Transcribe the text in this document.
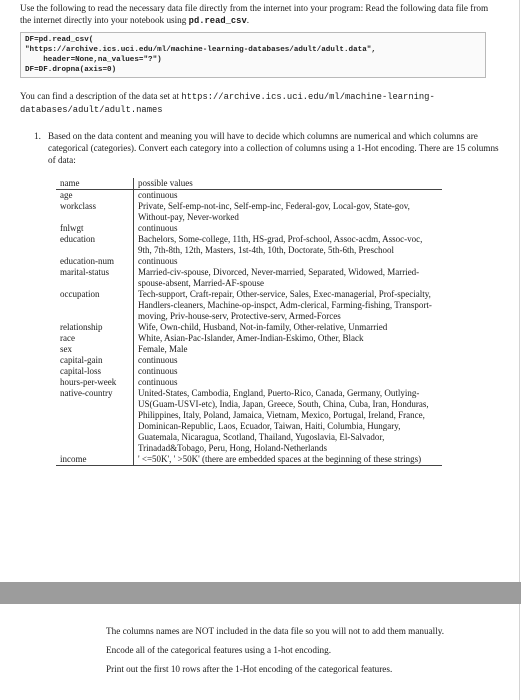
Use the following to read the necessary data file directly from the internet into your program: Read the following data file from the internet directly into your notebook using pd.read_csv.

DF=pd.read_csv(
"https://archive.ics.uci.edu/ml/machine-learning-databases/adult/adult.data",
header=None,na_values="?")
DF=DF.dropna(axis=0)

You can find a description of the data set at https://archive.ics.uci.edu/ml/machine-learning-databases/adult/adult.names

1. Based on the data content and meaning you will have to decide which columns are numerical and which columns are categorical (categories). Convert each category into a collection of columns using a 1-Hot encoding. There are 15 columns of data:
name	possible values
age	continuous
workclass	Private, Self-emp-not-inc, Self-emp-inc, Federal-gov, Local-gov, State-gov, Without-pay, Never-worked
fnlwgt	continuous
education	Bachelors, Some-college, 11th, HS-grad, Prof-school, Assoc-acdm, Assoc-voc, 9th, 7th-8th, 12th, Masters, 1st-4th, 10th, Doctorate, 5th-6th, Preschool
education-num	continuous
marital-status	Married-civ-spouse, Divorced, Never-married, Separated, Widowed, Married-spouse-absent, Married-AF-spouse
occupation	Tech-support, Craft-repair, Other-service, Sales, Exec-managerial, Prof-specialty, Handlers-cleaners, Machine-op-inspct, Adm-clerical, Farming-fishing, Transport-moving, Priv-house-serv, Protective-serv, Armed-Forces
relationship	Wife, Own-child, Husband, Not-in-family, Other-relative, Unmarried
race	White, Asian-Pac-Islander, Amer-Indian-Eskimo, Other, Black
sex	Female, Male
capital-gain	continuous
capital-loss	continuous
hours-per-week	continuous
native-country	United-States, Cambodia, England, Puerto-Rico, Canada, Germany, Outlying-US(Guam-USVI-etc), India, Japan, Greece, South, China, Cuba, Iran, Honduras, Philippines, Italy, Poland, Jamaica, Vietnam, Mexico, Portugal, Ireland, France, Dominican-Republic, Laos, Ecuador, Taiwan, Haiti, Columbia, Hungary, Guatemala, Nicaragua, Scotland, Thailand, Yugoslavia, El-Salvador, Trinadad&Tobago, Peru, Hong, Holand-Netherlands
income	' <=50K', ' >50K' (there are embedded spaces at the beginning of these strings)

The columns names are NOT included in the data file so you will not to add them manually.

Encode all of the categorical features using a 1-hot encoding.

Print out the first 10 rows after the 1-Hot encoding of the categorical features.
